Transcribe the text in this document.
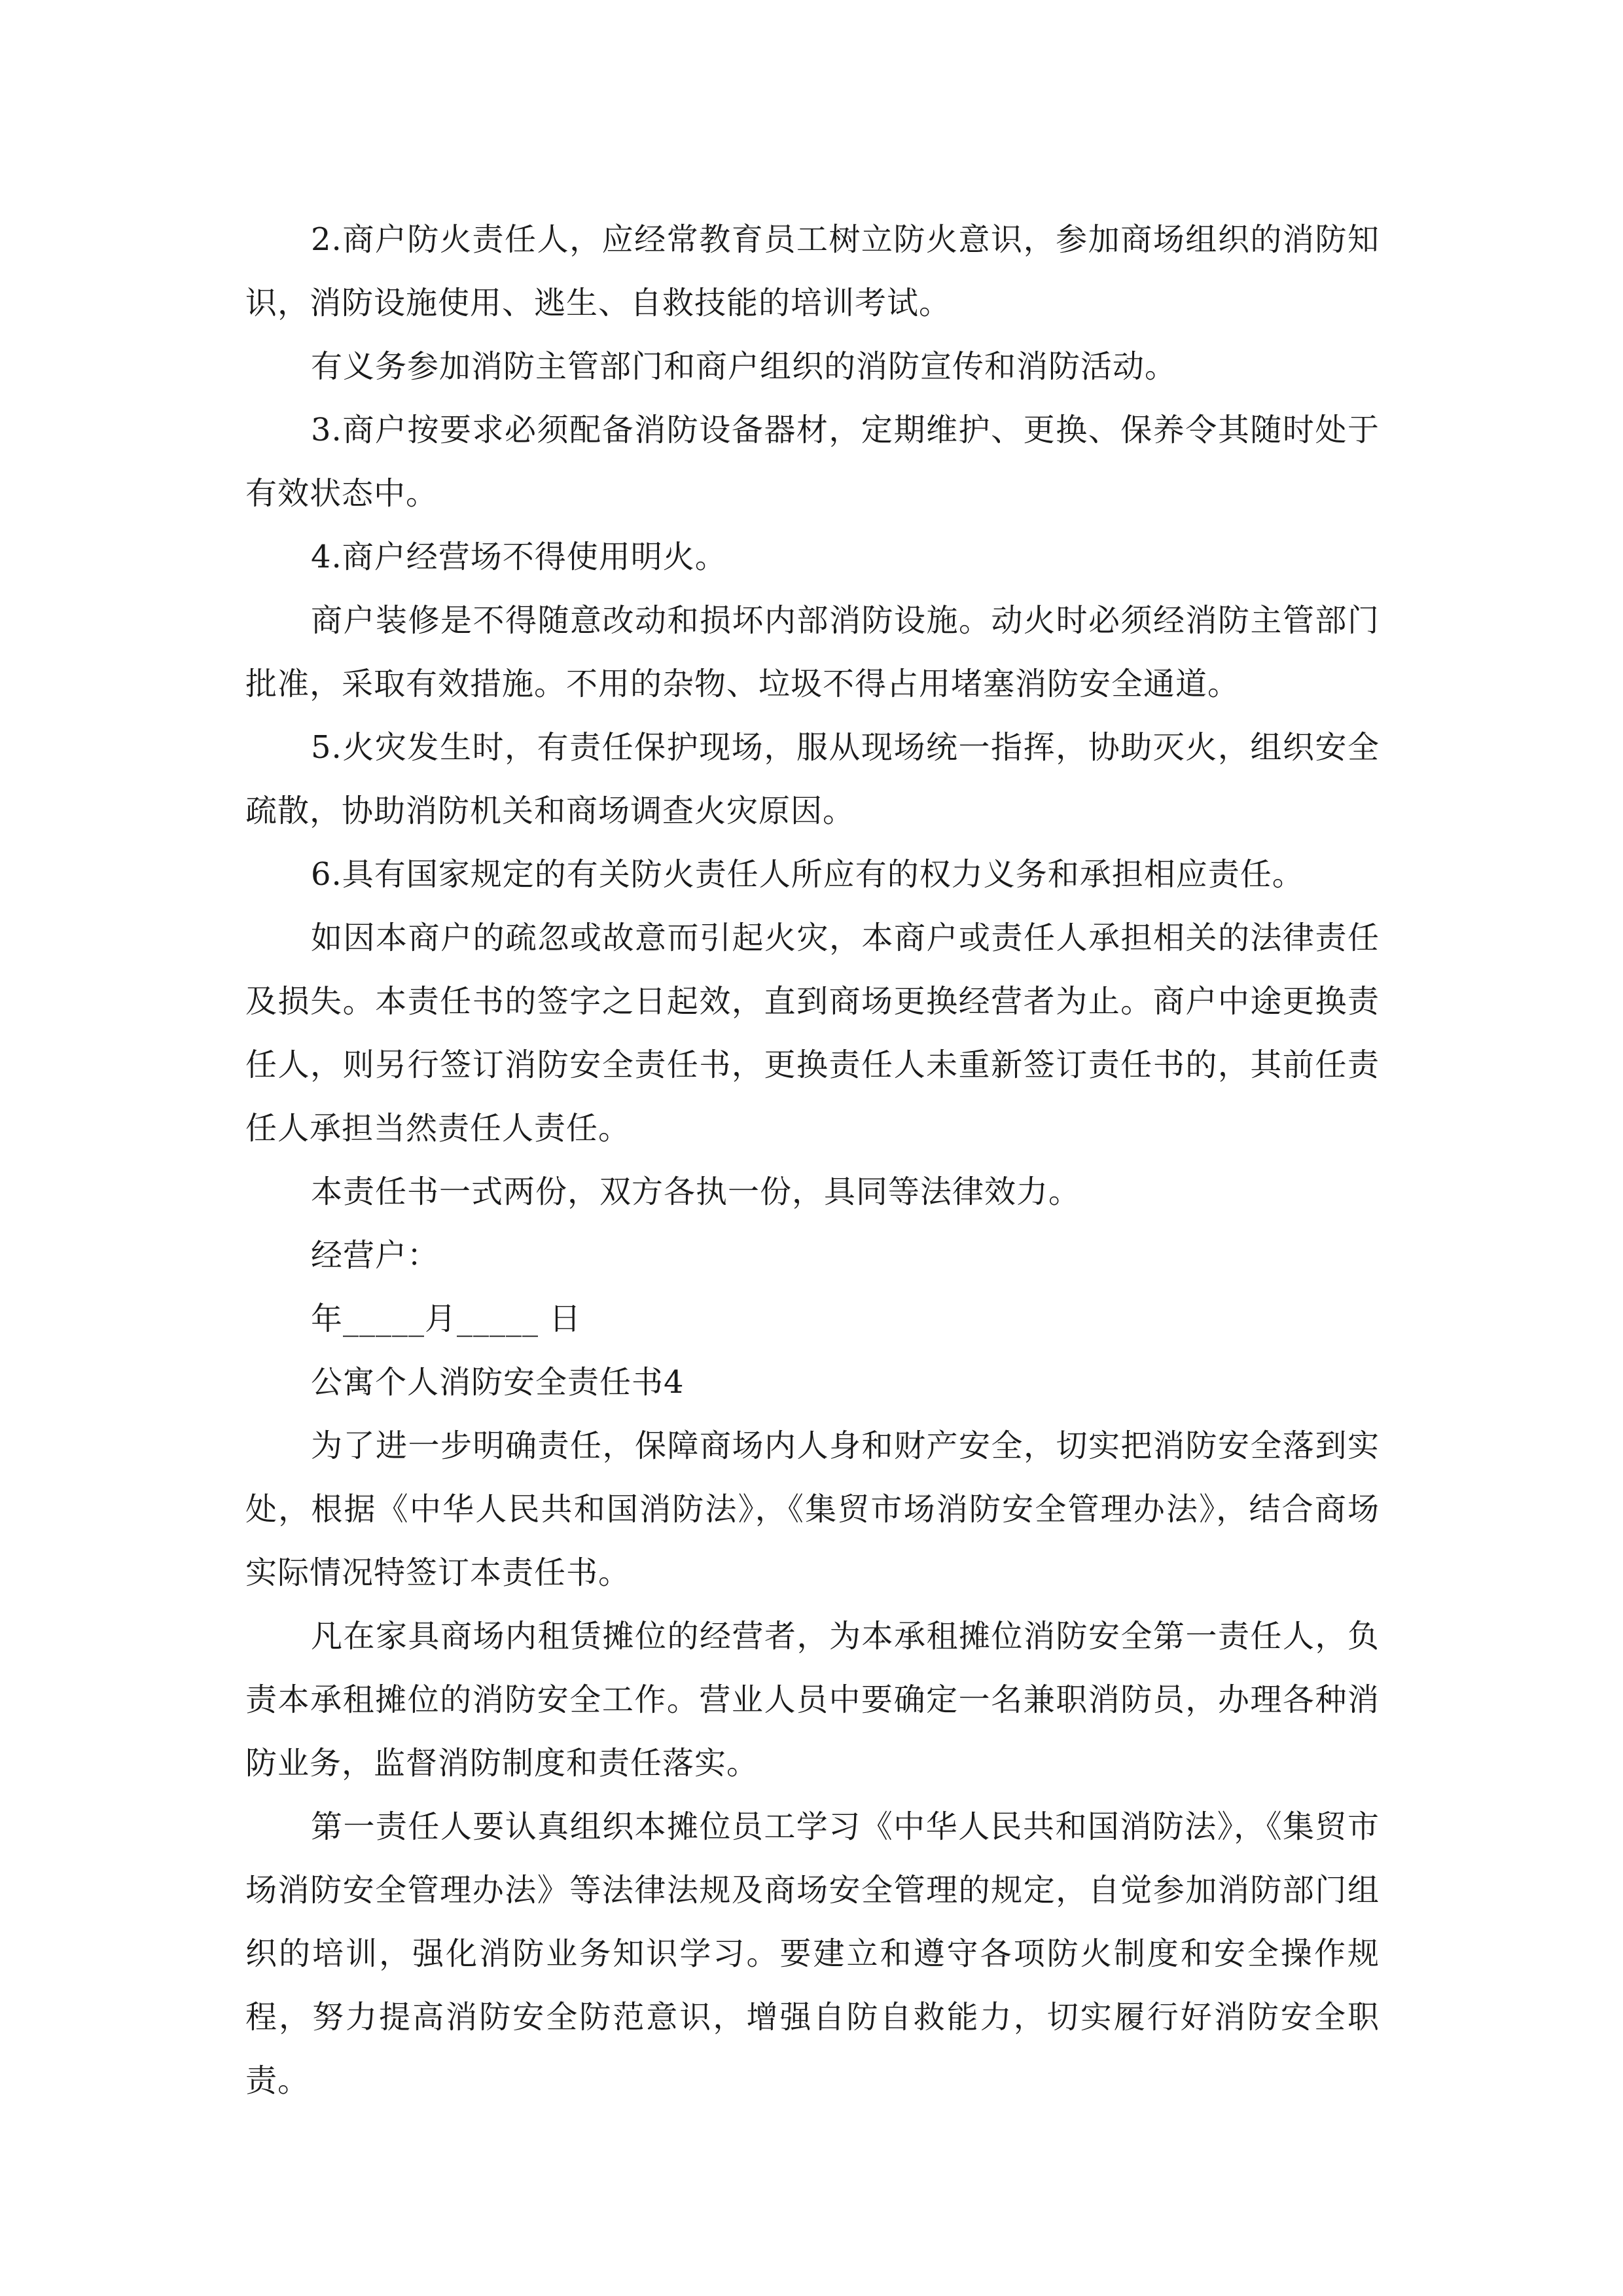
2.商户防火责任人，应经常教育员工树立防火意识，参加商场组织的消防知识，消防设施使用、逃生、自救技能的培训考试。

有义务参加消防主管部门和商户组织的消防宣传和消防活动。

3.商户按要求必须配备消防设备器材，定期维护、更换、保养令其随时处于有效状态中。

4.商户经营场不得使用明火。

商户装修是不得随意改动和损坏内部消防设施。动火时必须经消防主管部门批准，采取有效措施。不用的杂物、垃圾不得占用堵塞消防安全通道。

5.火灾发生时，有责任保护现场，服从现场统一指挥，协助灭火，组织安全疏散，协助消防机关和商场调查火灾原因。

6.具有国家规定的有关防火责任人所应有的权力义务和承担相应责任。

如因本商户的疏忽或故意而引起火灾，本商户或责任人承担相关的法律责任及损失。本责任书的签字之日起效，直到商场更换经营者为止。商户中途更换责任人，则另行签订消防安全责任书，更换责任人未重新签订责任书的，其前任责任人承担当然责任人责任。

本责任书一式两份，双方各执一份，具同等法律效力。

经营户：

年_____月_____ 日

公寓个人消防安全责任书4

为了进一步明确责任，保障商场内人身和财产安全，切实把消防安全落到实处，根据《中华人民共和国消防法》，《集贸市场消防安全管理办法》，结合商场实际情况特签订本责任书。

凡在家具商场内租赁摊位的经营者，为本承租摊位消防安全第一责任人，负责本承租摊位的消防安全工作。营业人员中要确定一名兼职消防员，办理各种消防业务，监督消防制度和责任落实。

第一责任人要认真组织本摊位员工学习《中华人民共和国消防法》，《集贸市场消防安全管理办法》等法律法规及商场安全管理的规定，自觉参加消防部门组织的培训，强化消防业务知识学习。要建立和遵守各项防火制度和安全操作规程，努力提高消防安全防范意识，增强自防自救能力，切实履行好消防安全职责。
